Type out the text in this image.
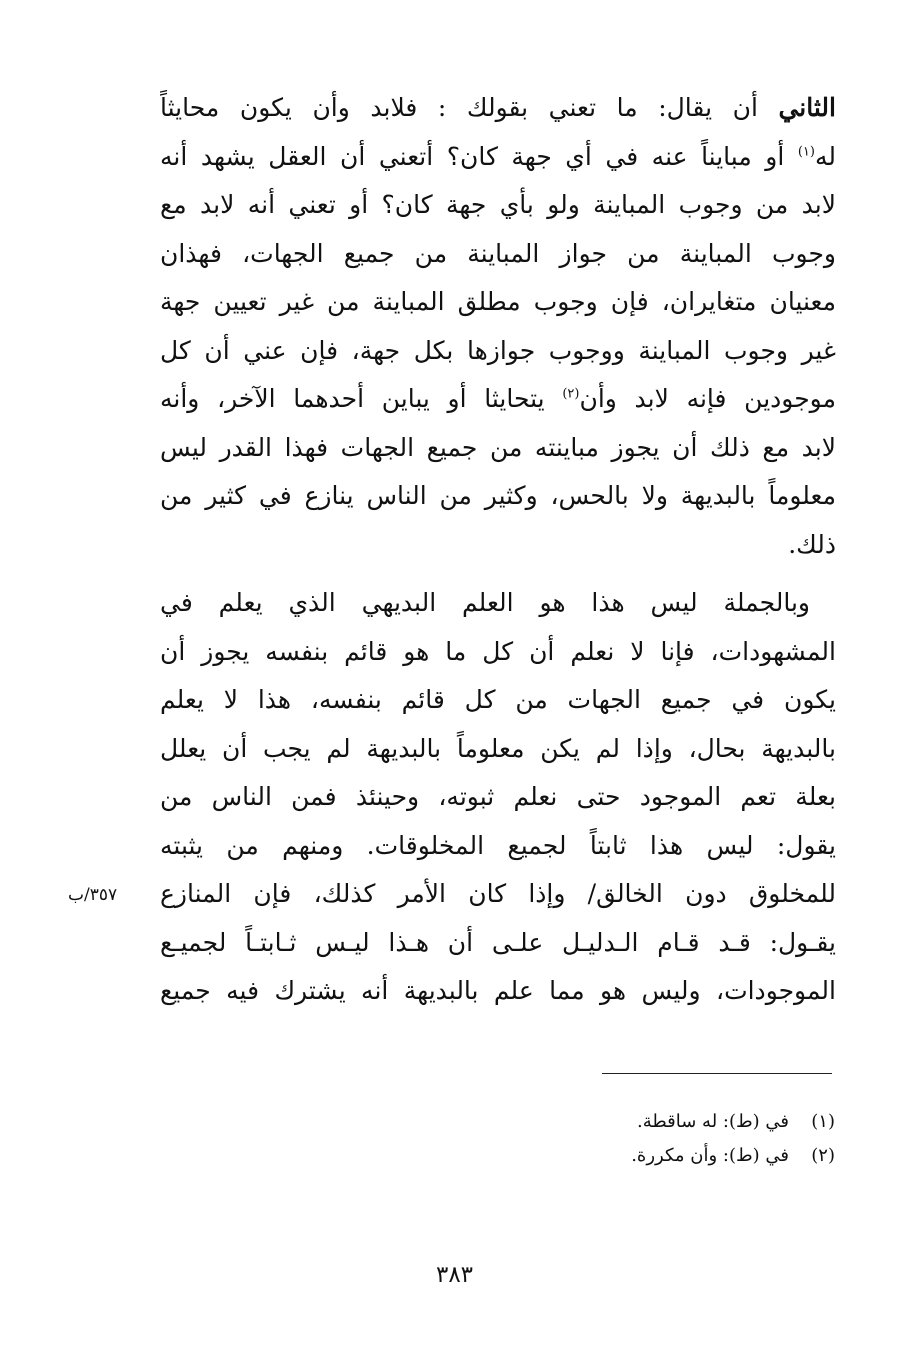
الثاني أن يقال: ما تعني بقولك : فلابد وأن يكون محايثاً
له$^{(١)}$ أو مبايناً عنه في أي جهة كان؟ أتعني أن العقل يشهد أنه
لابد من وجوب المباينة ولو بأي جهة كان؟ أو تعني أنه لابد مع
وجوب المباينة من جواز المباينة من جميع الجهات، فهذان
معنيان متغايران، فإن وجوب مطلق المباينة من غير تعيين جهة
غير وجوب المباينة ووجوب جوازها بكل جهة، فإن عني أن كل
موجودين فإنه لابد وأن$^{(٢)}$ يتحايثا أو يباين أحدهما الآخر، وأنه
لابد مع ذلك أن يجوز مباينته من جميع الجهات فهذا القدر ليس
معلوماً بالبديهة ولا بالحس، وكثير من الناس ينازع في كثير من
ذلك.
وبالجملة ليس هذا هو العلم البديهي الذي يعلم في
المشهودات، فإنا لا نعلم أن كل ما هو قائم بنفسه يجوز أن
يكون في جميع الجهات من كل قائم بنفسه، هذا لا يعلم
بالبديهة بحال، وإذا لم يكن معلوماً بالبديهة لم يجب أن يعلل
بعلة تعم الموجود حتى نعلم ثبوته، وحينئذ فمن الناس من
يقول: ليس هذا ثابتاً لجميع المخلوقات. ومنهم من يثبته
للمخلوق دون الخالق/ وإذا كان الأمر كذلك، فإن المنازع
يقـول: قـد قـام الـدليـل علـى أن هـذا ليـس ثـابتـاً لجميـع
الموجودات، وليس هو مما علم بالبديهة أنه يشترك فيه جميع
٣٥٧/ب
(١)في (ط): له ساقطة.
(٢)في (ط): وأن مكررة.
٣٨٣
